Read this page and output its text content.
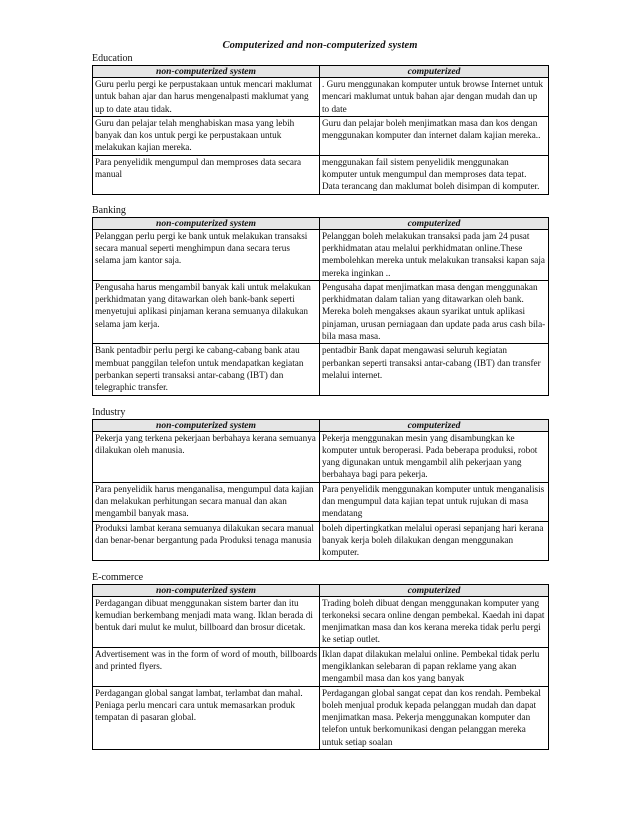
Computerized and non-computerized system
Education
non-computerized system	computerized
Guru perlu pergi ke perpustakaan untuk mencari maklumat untuk bahan ajar dan harus mengenalpasti maklumat yang up to date atau tidak.	. Guru menggunakan komputer untuk browse Internet untuk mencari maklumat untuk bahan ajar dengan mudah dan up to date
Guru dan pelajar telah menghabiskan masa yang lebih banyak dan kos untuk pergi ke perpustakaan untuk melakukan kajian mereka.	Guru dan pelajar boleh menjimatkan masa dan kos dengan menggunakan komputer dan internet dalam kajian mereka..
Para penyelidik mengumpul dan memproses data secara manual	menggunakan fail sistem penyelidik menggunakan komputer untuk mengumpul dan memproses data tepat. Data terancang dan maklumat boleh disimpan di komputer.
Banking
non-computerized system	computerized
Pelanggan perlu pergi ke bank untuk melakukan transaksi secara manual seperti menghimpun dana secara terus selama jam kantor saja.	Pelanggan boleh melakukan transaksi pada jam 24 pusat perkhidmatan atau melalui perkhidmatan online.These membolehkan mereka untuk melakukan transaksi kapan saja mereka inginkan ..
Pengusaha harus mengambil banyak kali untuk melakukan perkhidmatan yang ditawarkan oleh bank-bank seperti menyetujui aplikasi pinjaman kerana semuanya dilakukan selama jam kerja.	Pengusaha dapat menjimatkan masa dengan menggunakan perkhidmatan dalam talian yang ditawarkan oleh bank. Mereka boleh mengakses akaun syarikat untuk aplikasi pinjaman, urusan perniagaan dan update pada arus cash bila-bila masa masa.
Bank pentadbir perlu pergi ke cabang-cabang bank atau membuat panggilan telefon untuk mendapatkan kegiatan perbankan seperti transaksi antar-cabang (IBT) dan telegraphic transfer.	pentadbir Bank dapat mengawasi seluruh kegiatan perbankan seperti transaksi antar-cabang (IBT) dan transfer melalui internet.
Industry
non-computerized system	computerized
Pekerja yang terkena pekerjaan berbahaya kerana semuanya dilakukan oleh manusia.	Pekerja menggunakan mesin yang disambungkan ke komputer untuk beroperasi. Pada beberapa produksi, robot yang digunakan untuk mengambil alih pekerjaan yang berbahaya bagi para pekerja.
Para penyelidik harus menganalisa, mengumpul data kajian dan melakukan perhitungan secara manual dan akan mengambil banyak masa.	Para penyelidik menggunakan komputer untuk menganalisis dan mengumpul data kajian tepat untuk rujukan di masa mendatang
Produksi lambat kerana semuanya dilakukan secara manual dan benar-benar bergantung pada Produksi tenaga manusia	boleh dipertingkatkan melalui operasi sepanjang hari kerana banyak kerja boleh dilakukan dengan menggunakan komputer.
E-commerce
non-computerized system	computerized
Perdagangan dibuat menggunakan sistem barter dan itu kemudian berkembang menjadi mata wang. Iklan berada di bentuk dari mulut ke mulut, billboard dan brosur dicetak.	Trading boleh dibuat dengan menggunakan komputer yang terkoneksi secara online dengan pembekal. Kaedah ini dapat menjimatkan masa dan kos kerana mereka tidak perlu pergi ke setiap outlet.
Advertisement was in the form of word of mouth, billboards and printed flyers.	Iklan dapat dilakukan melalui online. Pembekal tidak perlu mengiklankan selebaran di papan reklame yang akan mengambil masa dan kos yang banyak
Perdagangan global sangat lambat, terlambat dan mahal. Peniaga perlu mencari cara untuk memasarkan produk tempatan di pasaran global.	Perdagangan global sangat cepat dan kos rendah. Pembekal boleh menjual produk kepada pelanggan mudah dan dapat menjimatkan masa. Pekerja menggunakan komputer dan telefon untuk berkomunikasi dengan pelanggan mereka untuk setiap soalan
